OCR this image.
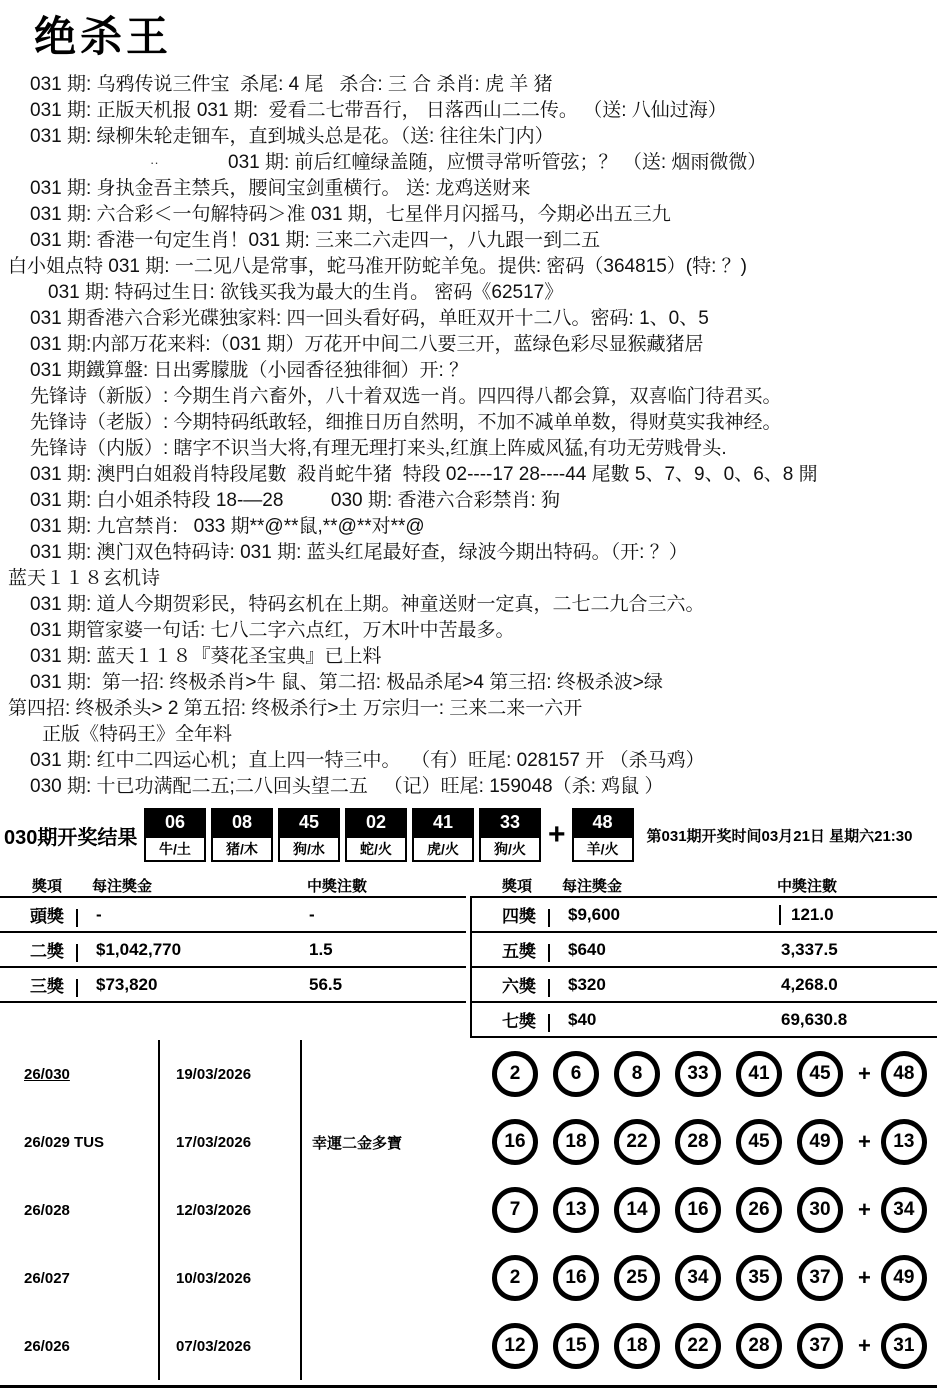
绝杀王
031 期: 乌鸦传说三件宝  杀尾: 4 尾   杀合: 三 合 杀肖: 虎 羊 猪
031 期: 正版天机报 031 期:  爱看二七带吾行， 日落西山二二传。 （送: 八仙过海）
031 期: 绿柳朱轮走钿车，直到城头总是花。（送: 往往朱门内）
··	031 期: 前后红幢绿盖随，应惯寻常听管弦；？ （送: 烟雨微微）
031 期: 身执金吾主禁兵，腰间宝剑重横行。 送: 龙鸡送财来
031 期: 六合彩＜一句解特码＞准 031 期，七星伴月闪摇马，今期必出五三九
031 期: 香港一句定生肖！031 期: 三来二六走四一，八九跟一到二五
白小姐点特 031 期: 一二见八是常事，蛇马准开防蛇羊兔。提供: 密码（364815）(特: ？)
031 期: 特码过生日: 欲钱买我为最大的生肖。 密码《62517》
031 期香港六合彩光碟独家料: 四一回头看好码，单旺双开十二八。密码: 1、0、5
031 期:内部万花来料:（031 期）万花开中间二八要三开，蓝绿色彩尽显猴藏猪居
031 期鐵算盤: 日出雾朦胧（小园香径独徘徊）开: ？
先锋诗（新版）: 今期生肖六畜外，八十着双选一肖。四四得八都会算，双喜临门待君买。
先锋诗（老版）: 今期特码纸敢轻，细推日历自然明，不加不减单单数，得财莫实我神经。
先锋诗（内版）: 瞎字不识当大将,有理无理打来头,红旗上阵威风猛,有功无劳贱骨头.
031 期: 澳門白姐殺肖特段尾數  殺肖蛇牛猪  特段 02----17 28----44 尾數 5、7、9、0、6、8 開
031 期: 白小姐杀特段 18-—28         030 期: 香港六合彩禁肖: 狗
031 期: 九宫禁肖:   033 期**@**鼠,**@**对**@
031 期: 澳门双色特码诗: 031 期: 蓝头红尾最好查，绿波今期出特码。（开: ？）
蓝天１１８玄机诗
031 期: 道人今期贺彩民，特码玄机在上期。神童送财一定真，二七二九合三六。
031 期管家婆一句话: 七八二字六点红，万木叶中苦最多。
031 期: 蓝天１１８『葵花圣宝典』已上料
031 期:  第一招: 终极杀肖>牛 鼠、第二招: 极品杀尾>4 第三招: 终极杀波>绿
第四招: 终极杀头> 2 第五招: 终极杀行>土 万宗归一: 三来二来一六开
正版《特码王》全年料
031 期: 红中二四运心机；直上四一特三中。  （有）旺尾: 028157 开 （杀马鸡）
030 期: 十已功满配二五;二八回头望二五   （记）旺尾: 159048（杀: 鸡鼠 ）
030期开奖结果
06
牛/土
08
猪/木
45
狗/水
02
蛇/火
41
虎/火
33
狗/火 +	48
羊/火
第031期开奖时间03月21日 星期六21:30
獎項	每注獎金	中獎注數
頭獎	-	-
二獎	$1,042,770	1.5
三獎	$73,820	56.5
獎項	每注獎金	中獎注數
四獎	$9,600	121.0
五獎	$640	3,337.5
六獎	$320	4,268.0
七獎	$40	69,630.8
26/030	19/03/2026	2	6	8	33	41	45	+	48
26/029 TUS	17/03/2026	幸運二金多寶	16	18	22	28	45	49	+	13
26/028	12/03/2026	7	13	14	16	26	30	+	34
26/027	10/03/2026	2	16	25	34	35	37	+	49
26/026	07/03/2026	12	15	18	22	28	37	+	31
